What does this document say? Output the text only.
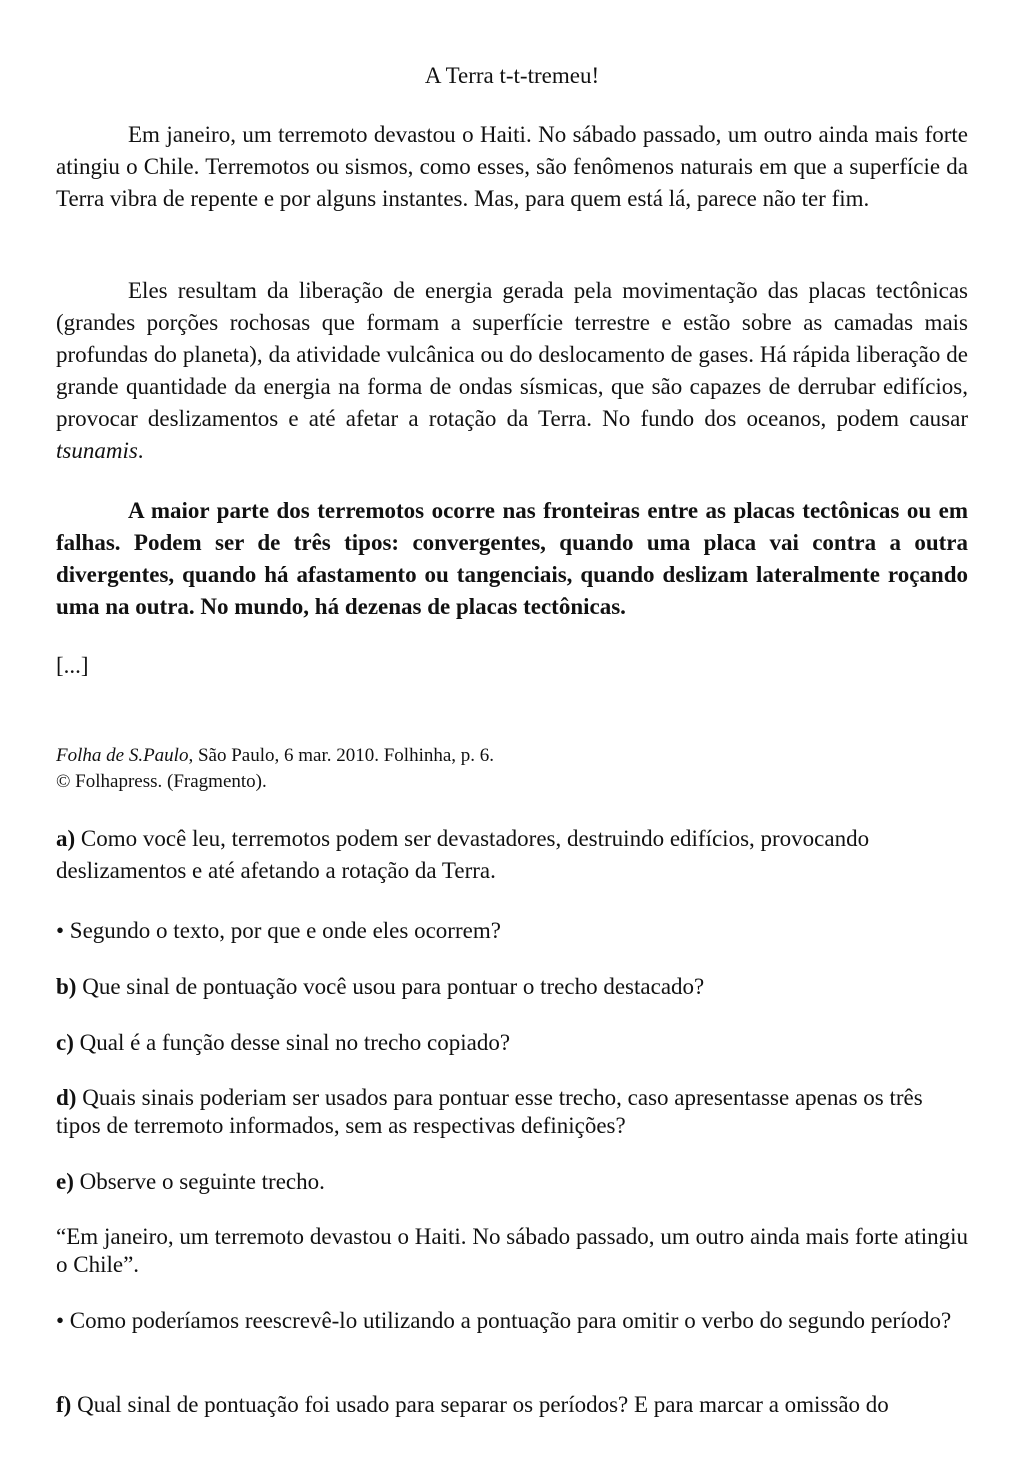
A Terra t-t-tremeu!

Em janeiro, um terremoto devastou o Haiti. No sábado passado, um outro ainda mais forte atingiu o Chile. Terremotos ou sismos, como esses, são fenômenos naturais em que a superfície da Terra vibra de repente e por alguns instantes. Mas, para quem está lá, parece não ter fim.

Eles resultam da liberação de energia gerada pela movimentação das placas tectônicas (grandes porções rochosas que formam a superfície terrestre e estão sobre as camadas mais profundas do planeta), da atividade vulcânica ou do deslocamento de gases. Há rápida liberação de grande quantidade da energia na forma de ondas sísmicas, que são capazes de derrubar edifícios, provocar deslizamentos e até afetar a rotação da Terra. No fundo dos oceanos, podem causar tsunamis.

A maior parte dos terremotos ocorre nas fronteiras entre as placas tectônicas ou em falhas. Podem ser de três tipos: convergentes, quando uma placa vai contra a outra divergentes, quando há afastamento ou tangenciais, quando deslizam lateralmente roçando uma na outra. No mundo, há dezenas de placas tectônicas.

[...]

Folha de S.Paulo, São Paulo, 6 mar. 2010. Folhinha, p. 6.
© Folhapress. (Fragmento).

a) Como você leu, terremotos podem ser devastadores, destruindo edifícios, provocando deslizamentos e até afetando a rotação da Terra.

• Segundo o texto, por que e onde eles ocorrem?

b) Que sinal de pontuação você usou para pontuar o trecho destacado?

c) Qual é a função desse sinal no trecho copiado?

d) Quais sinais poderiam ser usados para pontuar esse trecho, caso apresentasse apenas os três tipos de terremoto informados, sem as respectivas definições?

e) Observe o seguinte trecho.

“Em janeiro, um terremoto devastou o Haiti. No sábado passado, um outro ainda mais forte atingiu o Chile”.

• Como poderíamos reescrevê-lo utilizando a pontuação para omitir o verbo do segundo período?

f) Qual sinal de pontuação foi usado para separar os períodos? E para marcar a omissão do
